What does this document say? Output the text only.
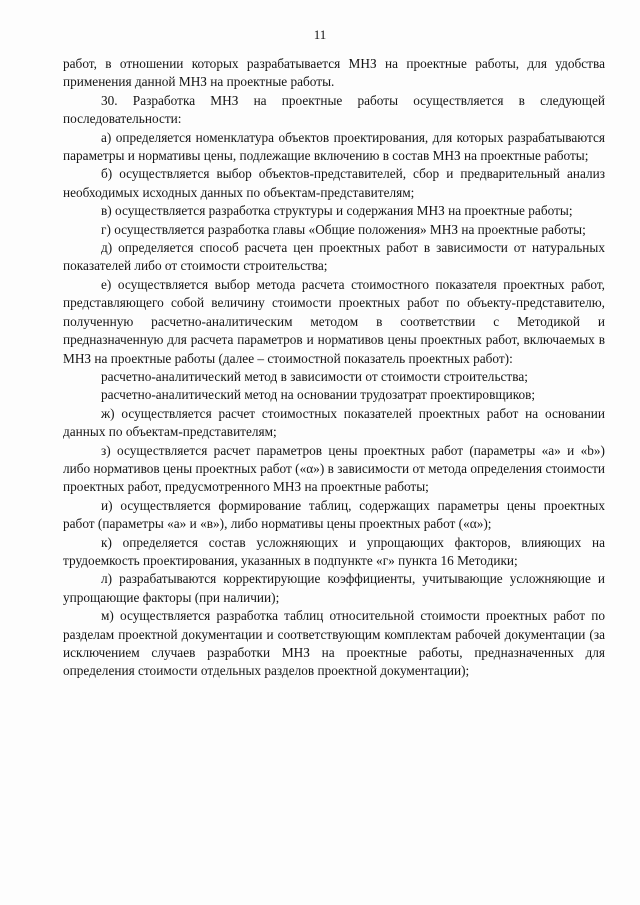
11

работ, в отношении которых разрабатывается МНЗ на проектные работы, для удобства применения данной МНЗ на проектные работы.

30. Разработка МНЗ на проектные работы осуществляется в следующей последовательности:

а) определяется номенклатура объектов проектирования, для которых разрабатываются параметры и нормативы цены, подлежащие включению в состав МНЗ на проектные работы;

б) осуществляется выбор объектов-представителей, сбор и предварительный анализ необходимых исходных данных по объектам-представителям;

в) осуществляется разработка структуры и содержания МНЗ на проектные работы;

г) осуществляется разработка главы «Общие положения» МНЗ на проектные работы;

д) определяется способ расчета цен проектных работ в зависимости от натуральных показателей либо от стоимости строительства;

е) осуществляется выбор метода расчета стоимостного показателя проектных работ, представляющего собой величину стоимости проектных работ по объекту-представителю, полученную расчетно-аналитическим методом в соответствии с Методикой и предназначенную для расчета параметров и нормативов цены проектных работ, включаемых в МНЗ на проектные работы (далее – стоимостной показатель проектных работ):

расчетно-аналитический метод в зависимости от стоимости строительства;

расчетно-аналитический метод на основании трудозатрат проектировщиков;

ж) осуществляется расчет стоимостных показателей проектных работ на основании данных по объектам-представителям;

з) осуществляется расчет параметров цены проектных работ (параметры «а» и «b») либо нормативов цены проектных работ («α») в зависимости от метода определения стоимости проектных работ, предусмотренного МНЗ на проектные работы;

и) осуществляется формирование таблиц, содержащих параметры цены проектных работ (параметры «а» и «в»), либо нормативы цены проектных работ («α»);

к) определяется состав усложняющих и упрощающих факторов, влияющих на трудоемкость проектирования, указанных в подпункте «г» пункта 16 Методики;

л) разрабатываются корректирующие коэффициенты, учитывающие усложняющие и упрощающие факторы (при наличии);

м) осуществляется разработка таблиц относительной стоимости проектных работ по разделам проектной документации и соответствующим комплектам рабочей документации (за исключением случаев разработки МНЗ на проектные работы, предназначенных для определения стоимости отдельных разделов проектной документации);
